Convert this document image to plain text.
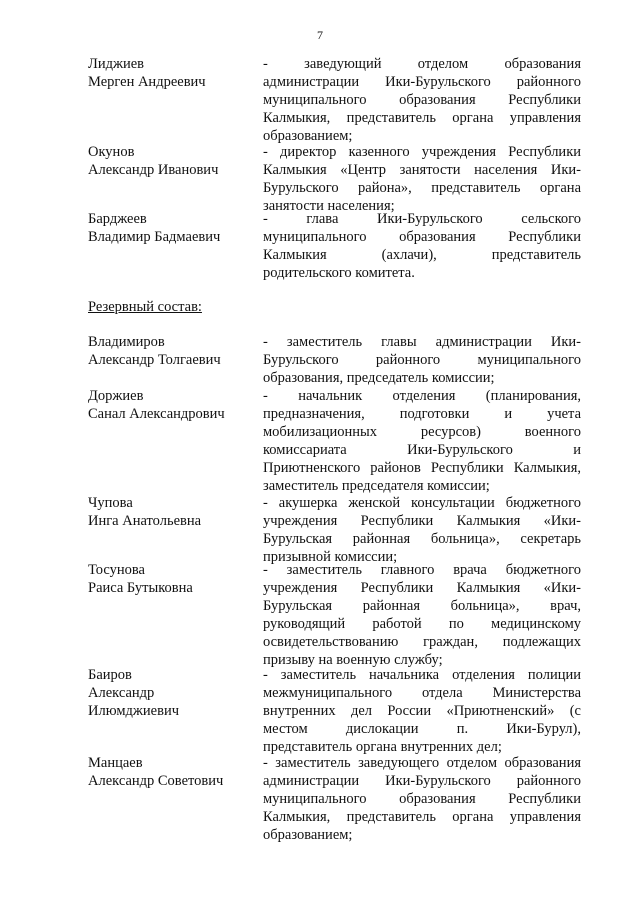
7
Лиджиев
Мерген Андреевич
- заведующий отделом образования
администрации Ики-Бурульского районного
муниципального образования Республики
Калмыкия, представитель органа управления
образованием;
Окунов
Александр Иванович
- директор казенного учреждения Республики
Калмыкия «Центр занятости населения Ики-
Бурульского района», представитель органа
занятости населения;
Барджеев
Владимир Бадмаевич
- глава Ики-Бурульского сельского
муниципального образования Республики
Калмыкия (ахлачи), представитель
родительского комитета.
Резервный состав:
Владимиров
Александр Толгаевич
- заместитель главы администрации Ики-
Бурульского районного муниципального
образования, председатель комиссии;
Доржиев
Санал Александрович
- начальник отделения (планирования,
предназначения, подготовки и учета
мобилизационных ресурсов) военного
комиссариата Ики-Бурульского и
Приютненского районов Республики Калмыкия,
заместитель председателя комиссии;
Чупова
Инга Анатольевна
- акушерка женской консультации бюджетного
учреждения Республики Калмыкия «Ики-
Бурульская районная больница», секретарь
призывной комиссии;
Тосунова
Раиса Бутыковна
- заместитель главного врача бюджетного
учреждения Республики Калмыкия «Ики-
Бурульская районная больница», врач,
руководящий работой по медицинскому
освидетельствованию граждан, подлежащих
призыву на военную службу;
Баиров
Александр
Илюмджиевич
- заместитель начальника отделения полиции
межмуниципального отдела Министерства
внутренних дел России «Приютненский» (с
местом дислокации п. Ики-Бурул),
представитель органа внутренних дел;
Манцаев
Александр Советович
- заместитель заведующего отделом образования
администрации Ики-Бурульского районного
муниципального образования Республики
Калмыкия, представитель органа управления
образованием;
